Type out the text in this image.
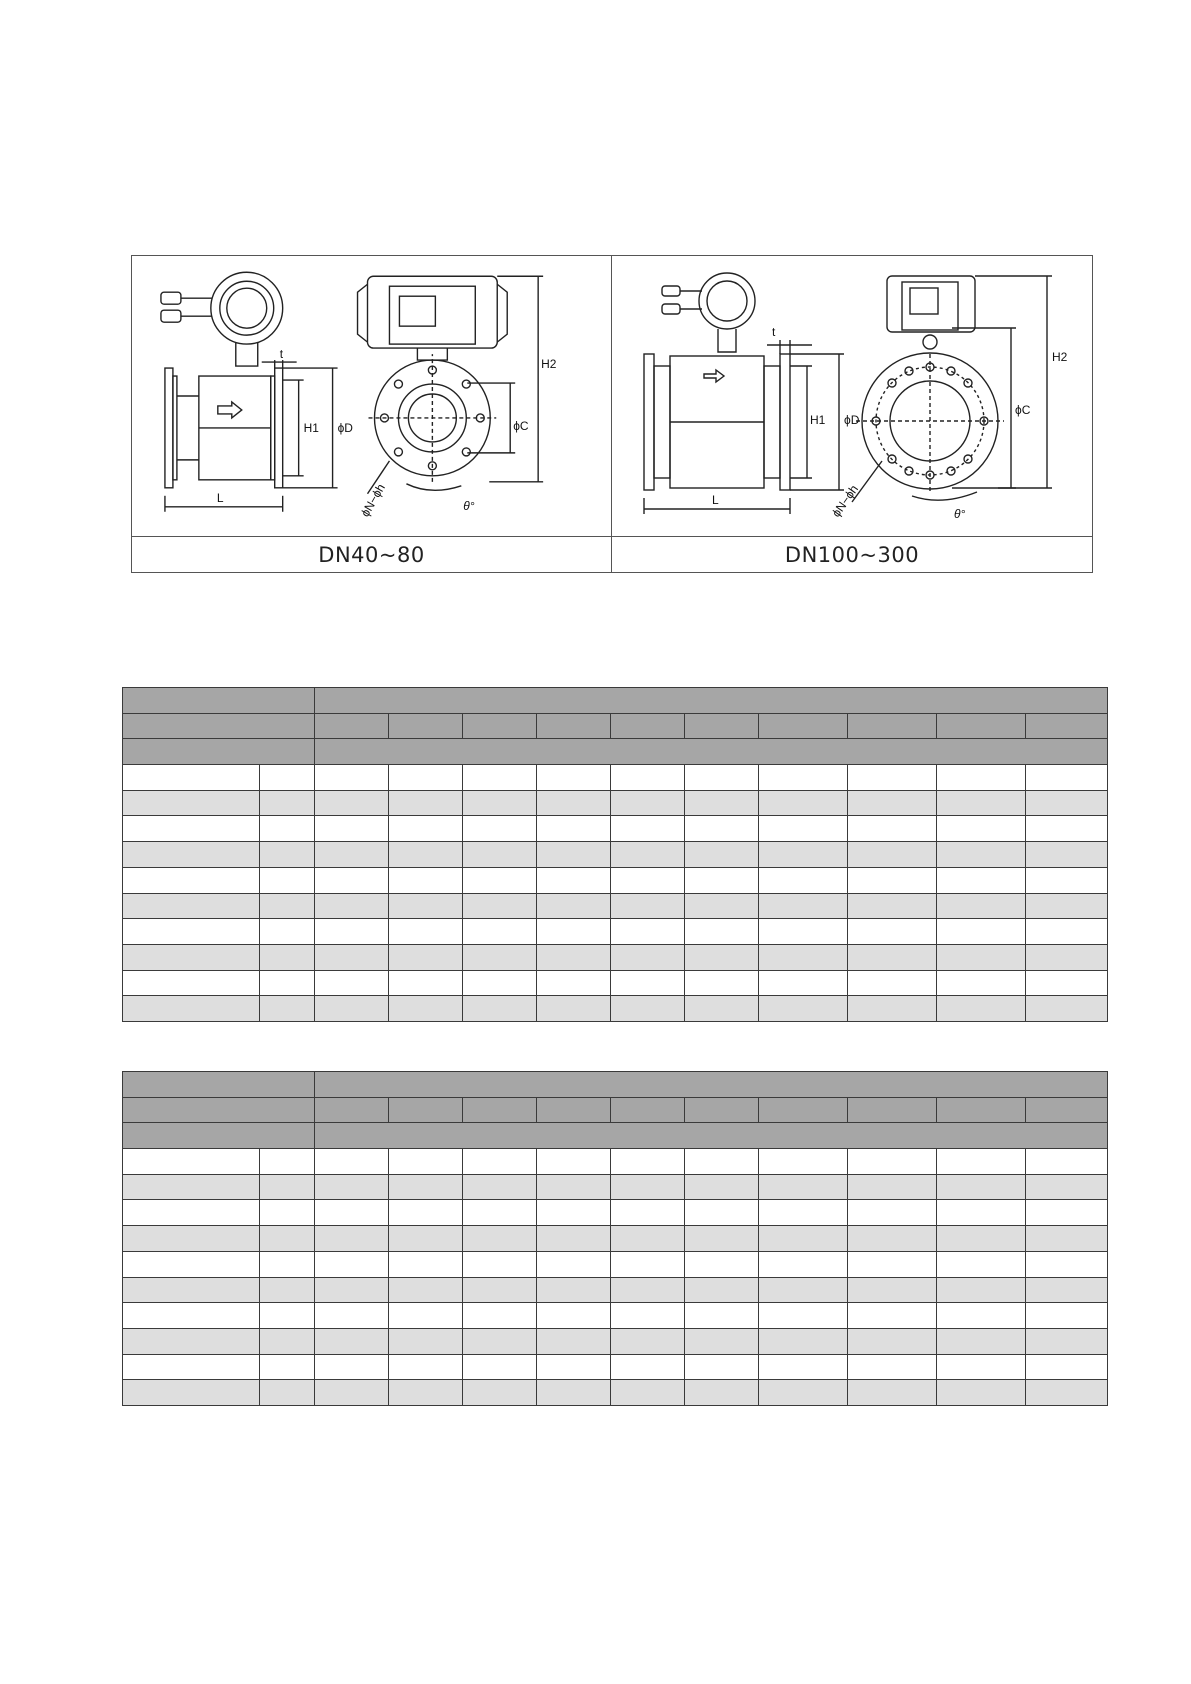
t
H1 ϕD
L
H2
ϕC
ϕN−ϕh	θ°
DN40~80
t
H1 ϕD
L
H2
ϕC
ϕN−ϕh	θ°
DN100~300
